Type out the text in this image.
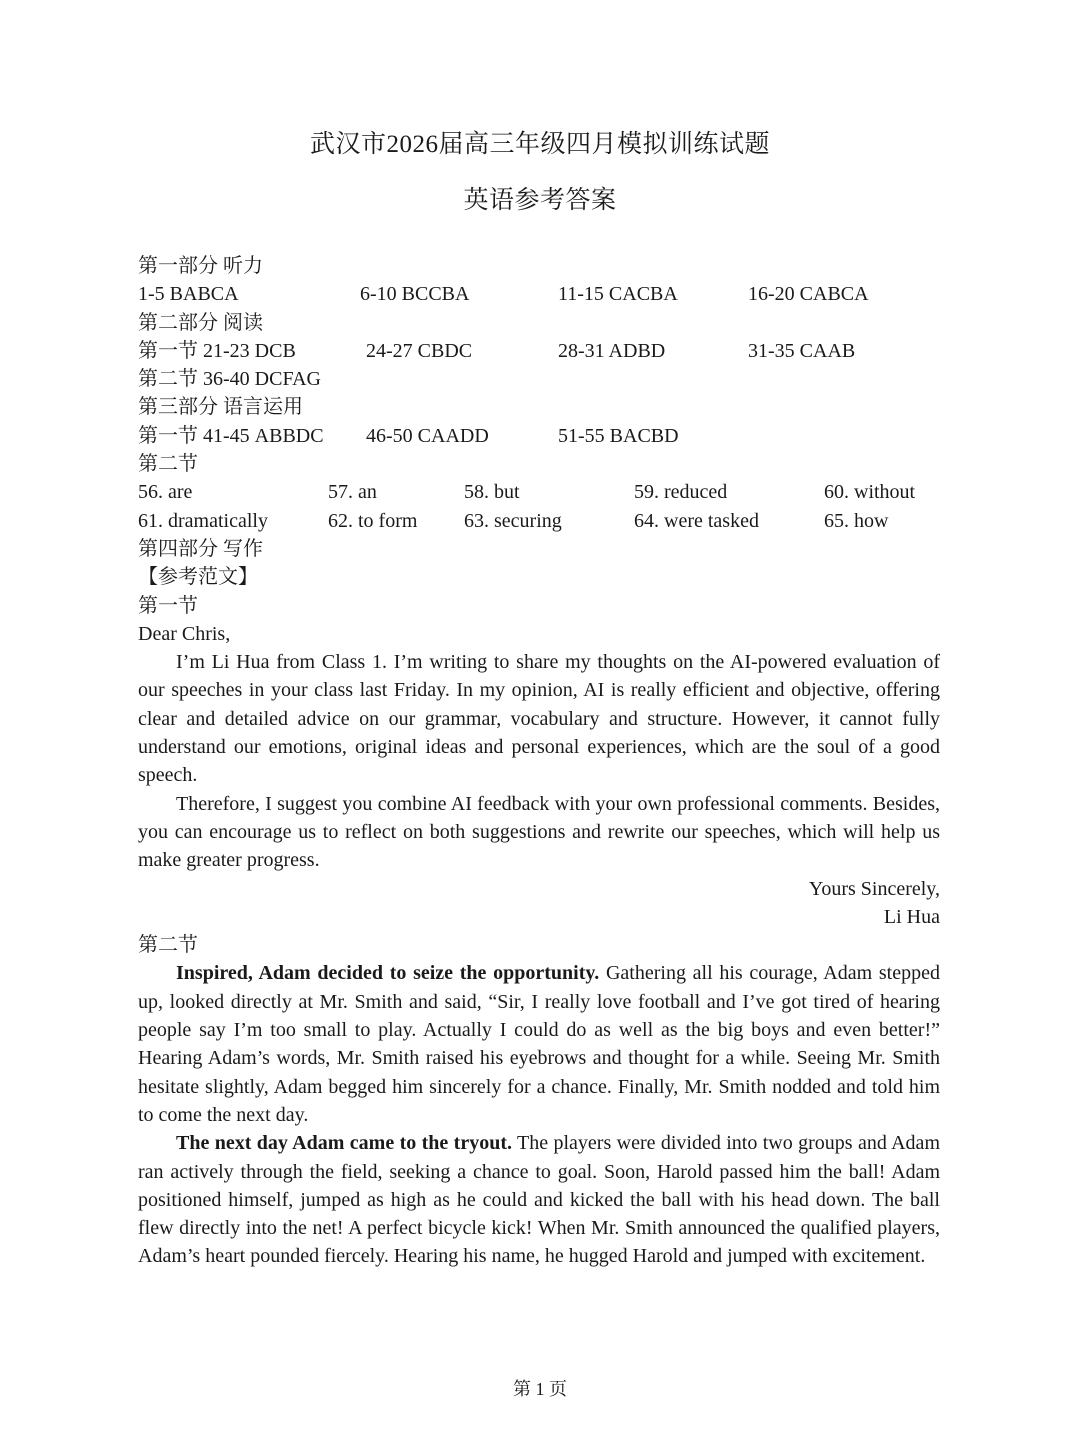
武汉市2026届高三年级四月模拟训练试题
英语参考答案
第一部分 听力
1-5 BABCA	6-10 BCCBA	11-15 CACBA	16-20 CABCA
第二部分 阅读
第一节 21-23 DCB	24-27 CBDC	28-31 ADBD	31-35 CAAB
第二节 36-40 DCFAG
第三部分 语言运用
第一节 41-45 ABBDC 46-50 CAADD	51-55 BACBD
第二节
56. are	57. an	58. but	59. reduced	60. without
61. dramatically	62. to form 63. securing	64. were tasked	65. how
第四部分 写作
【参考范文】
第一节
Dear Chris,

I’m Li Hua from Class 1. I’m writing to share my thoughts on the AI-powered evaluation of our speeches in your class last Friday. In my opinion, AI is really efficient and objective, offering clear and detailed advice on our grammar, vocabulary and structure. However, it cannot fully understand our emotions, original ideas and personal experiences, which are the soul of a good speech.

Therefore, I suggest you combine AI feedback with your own professional comments. Besides, you can encourage us to reflect on both suggestions and rewrite our speeches, which will help us make greater progress.

Yours Sincerely,
Li Hua
第二节

Inspired, Adam decided to seize the opportunity. Gathering all his courage, Adam stepped up, looked directly at Mr. Smith and said, “Sir, I really love football and I’ve got tired of hearing people say I’m too small to play. Actually I could do as well as the big boys and even better!” Hearing Adam’s words, Mr. Smith raised his eyebrows and thought for a while. Seeing Mr. Smith hesitate slightly, Adam begged him sincerely for a chance. Finally, Mr. Smith nodded and told him to come the next day.

The next day Adam came to the tryout. The players were divided into two groups and Adam ran actively through the field, seeking a chance to goal. Soon, Harold passed him the ball! Adam positioned himself, jumped as high as he could and kicked the ball with his head down. The ball flew directly into the net! A perfect bicycle kick! When Mr. Smith announced the qualified players, Adam’s heart pounded fiercely. Hearing his name, he hugged Harold and jumped with excitement.

第 1 页
